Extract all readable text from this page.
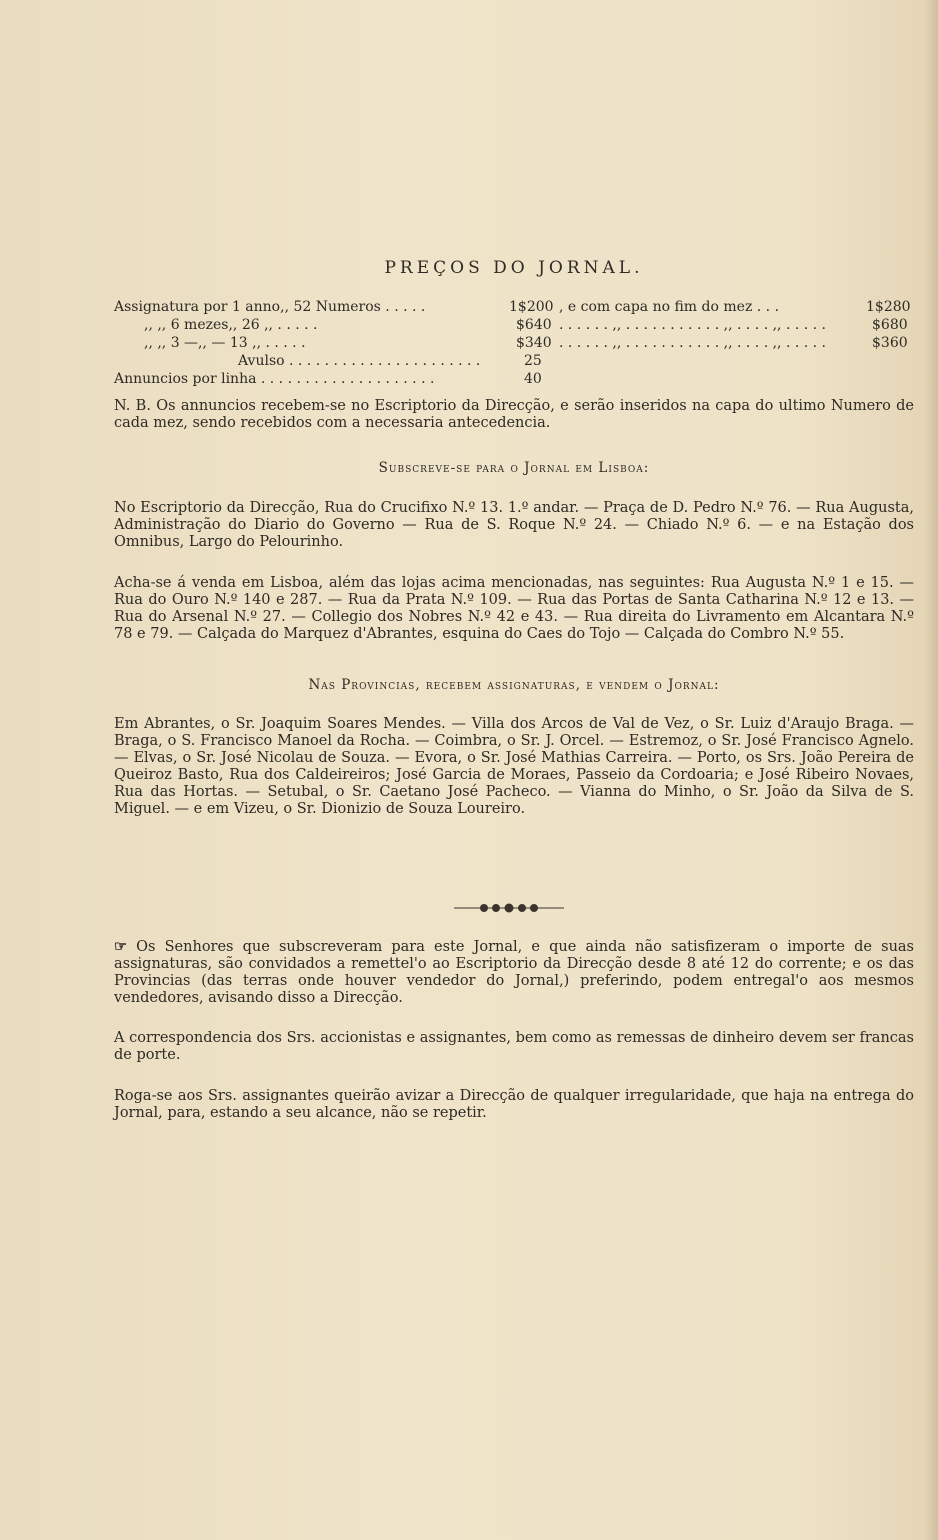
PREÇOS DO JORNAL.
Assignatura por 1 anno,, 52 Numeros . . . . .	1$200 , e com capa no fim do mez . . .	1$280
,, ,, 6 mezes,, 26 ,, . . . . .	$640 . . . . . . ,, . . . . . . . . . . . ,, . . . . ,, . . . . .	$680
,, ,, 3 —,, — 13 ,, . . . . .	$340 . . . . . . ,, . . . . . . . . . . . ,, . . . . ,, . . . . .	$360
Avulso . . . . . . . . . . . . . . . . . . . . . .	25
Annuncios por linha . . . . . . . . . . . . . . . . . . . .	40
N. B. Os annuncios recebem-se no Escriptorio da Direcção, e serão inseridos na capa do ultimo Numero de cada mez, sendo recebidos com a necessaria antecedencia.
Subscreve-se para o Jornal em Lisboa:

No Escriptorio da Direcção, Rua do Crucifixo N.º 13. 1.º andar. — Praça de D. Pedro N.º 76. — Rua Augusta, Administração do Diario do Governo — Rua de S. Roque N.º 24. — Chiado N.º 6. — e na Estação dos Omnibus, Largo do Pelourinho.

Acha-se á venda em Lisboa, além das lojas acima mencionadas, nas seguintes: Rua Augusta N.º 1 e 15. — Rua do Ouro N.º 140 e 287. — Rua da Prata N.º 109. — Rua das Portas de Santa Catharina N.º 12 e 13. — Rua do Arsenal N.º 27. — Collegio dos Nobres N.º 42 e 43. — Rua direita do Livramento em Alcantara N.º 78 e 79. — Calçada do Marquez d'Abrantes, esquina do Caes do Tojo — Calçada do Combro N.º 55.

Nas Provincias, recebem assignaturas, e vendem o Jornal:

Em Abrantes, o Sr. Joaquim Soares Mendes. — Villa dos Arcos de Val de Vez, o Sr. Luiz d'Araujo Braga. — Braga, o S. Francisco Manoel da Rocha. — Coimbra, o Sr. J. Orcel. — Estremoz, o Sr. José Francisco Agnelo. — Elvas, o Sr. José Nicolau de Souza. — Evora, o Sr. José Mathias Carreira. — Porto, os Srs. João Pereira de Queiroz Basto, Rua dos Caldeireiros; José Garcia de Moraes, Passeio da Cordoaria; e José Ribeiro Novaes, Rua das Hortas. — Setubal, o Sr. Caetano José Pacheco. — Vianna do Minho, o Sr. João da Silva de S. Miguel. — e em Vizeu, o Sr. Dionizio de Souza Loureiro.

☞ Os Senhores que subscreveram para este Jornal, e que ainda não satisfizeram o importe de suas assignaturas, são convidados a remettel'o ao Escriptorio da Direcção desde 8 até 12 do corrente; e os das Provincias (das terras onde houver vendedor do Jornal,) preferindo, podem entregal'o aos mesmos vendedores, avisando disso a Direcção.

A correspondencia dos Srs. accionistas e assignantes, bem como as remessas de dinheiro devem ser francas de porte.

Roga-se aos Srs. assignantes queirão avizar a Direcção de qualquer irregularidade, que haja na entrega do Jornal, para, estando a seu alcance, não se repetir.
